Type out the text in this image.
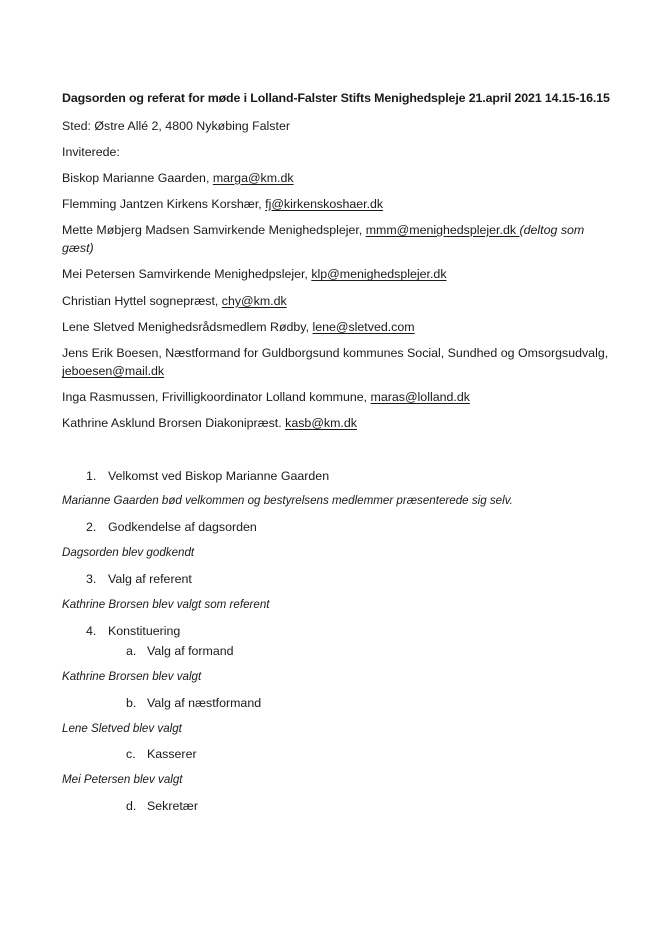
Dagsorden og referat for møde i Lolland-Falster Stifts Menighedspleje 21.april 2021 14.15-16.15

Sted: Østre Allé 2, 4800 Nykøbing Falster

Inviterede:

Biskop Marianne Gaarden, marga@km.dk

Flemming Jantzen Kirkens Korshær, fj@kirkenskoshaer.dk

Mette Møbjerg Madsen Samvirkende Menighedsplejer, mmm@menighedsplejer.dk (deltog som gæst)

Mei Petersen Samvirkende Menighedpslejer, klp@menighedsplejer.dk

Christian Hyttel sognepræst, chy@km.dk

Lene Sletved Menighedsrådsmedlem Rødby, lene@sletved.com

Jens Erik Boesen, Næstformand for Guldborgsund kommunes Social, Sundhed og Omsorgsudvalg, jeboesen@mail.dk

Inga Rasmussen, Frivilligkoordinator Lolland kommune, maras@lolland.dk

Kathrine Asklund Brorsen Diakonipræst. kasb@km.dk

1. Velkomst ved Biskop Marianne Gaarden

Marianne Gaarden bød velkommen og bestyrelsens medlemmer præsenterede sig selv.

2. Godkendelse af dagsorden

Dagsorden blev godkendt

3. Valg af referent

Kathrine Brorsen blev valgt som referent

4. Konstituering
a. Valg af formand

Kathrine Brorsen blev valgt

b. Valg af næstformand

Lene Sletved blev valgt

c. Kasserer

Mei Petersen blev valgt

d. Sekretær
